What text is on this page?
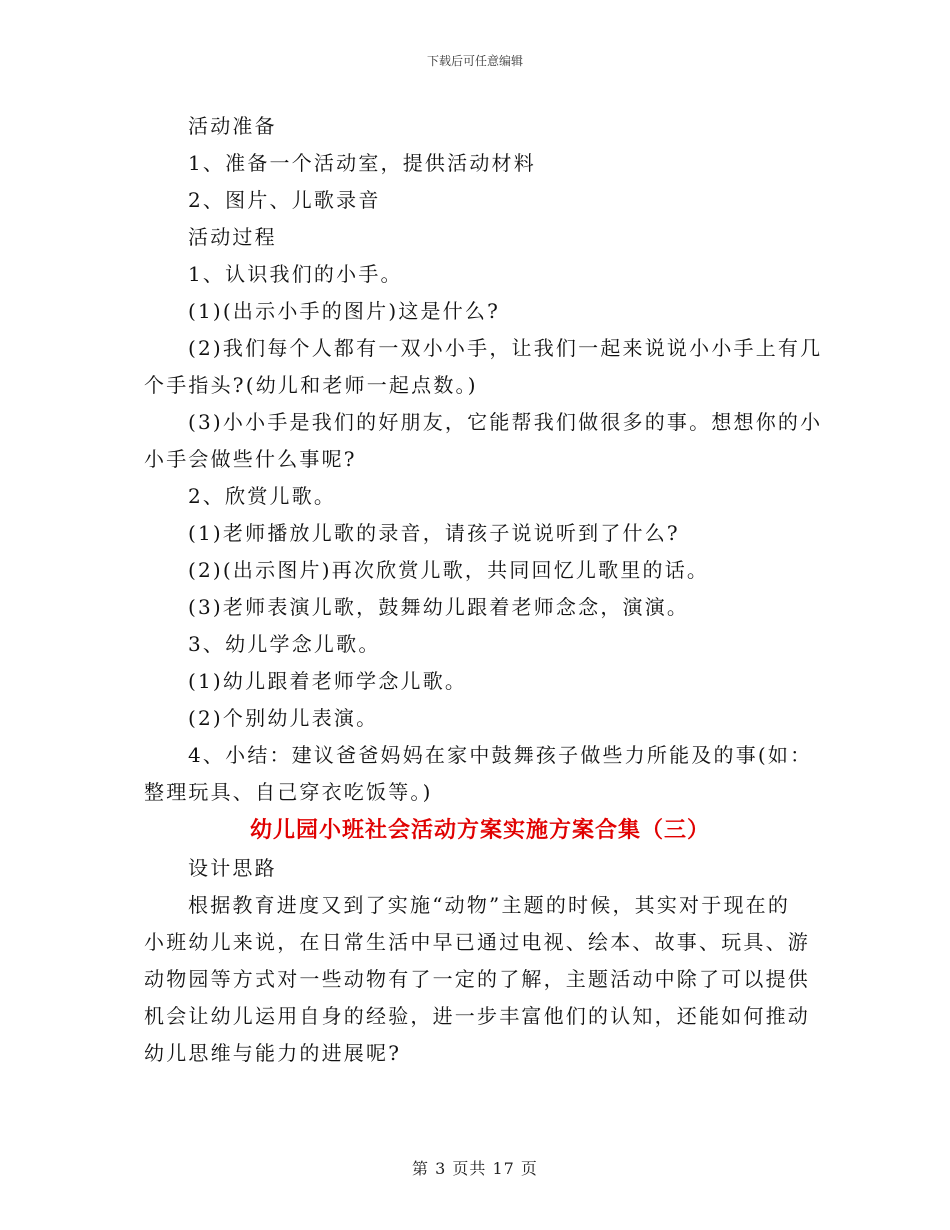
下载后可任意编辑
活动准备
1、准备一个活动室，提供活动材料
2、图片、儿歌录音
活动过程
1、认识我们的小手。
(1)(出示小手的图片)这是什么?
(2)我们每个人都有一双小小手，让我们一起来说说小小手上有几
个手指头?(幼儿和老师一起点数。)
(3)小小手是我们的好朋友，它能帮我们做很多的事。想想你的小
小手会做些什么事呢?
2、欣赏儿歌。
(1)老师播放儿歌的录音，请孩子说说听到了什么?
(2)(出示图片)再次欣赏儿歌，共同回忆儿歌里的话。
(3)老师表演儿歌，鼓舞幼儿跟着老师念念，演演。
3、幼儿学念儿歌。
(1)幼儿跟着老师学念儿歌。
(2)个别幼儿表演。
4、小结：建议爸爸妈妈在家中鼓舞孩子做些力所能及的事(如：
整理玩具、自己穿衣吃饭等。)
幼儿园小班社会活动方案实施方案合集（三）
设计思路
根据教育进度又到了实施“动物”主题的时候，其实对于现在的
小班幼儿来说，在日常生活中早已通过电视、绘本、故事、玩具、游
动物园等方式对一些动物有了一定的了解，主题活动中除了可以提供
机会让幼儿运用自身的经验，进一步丰富他们的认知，还能如何推动
幼儿思维与能力的进展呢?
第 3 页共 17 页
